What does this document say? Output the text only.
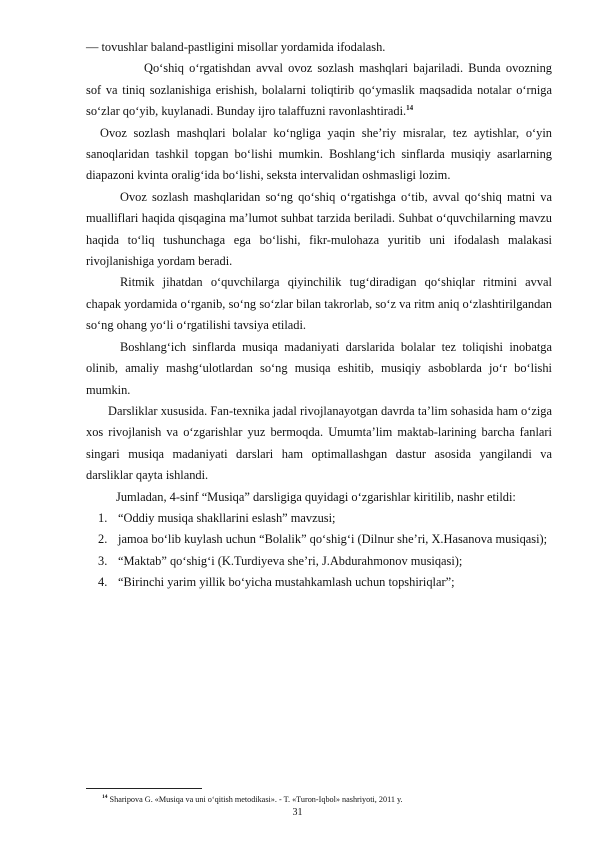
— tovushlar baland-pastligini misollar yordamida ifodalash.

Qo‘shiq o‘rgatishdan avval ovoz sozlash mashqlari bajariladi. Bunda ovozning sof va tiniq sozlanishiga erishish, bolalarni toliqtirib qo‘ymaslik maqsadida notalar o‘rniga so‘zlar qo‘yib, kuylanadi. Bunday ijro talaffuzni ravonlashtiradi.$^{14}$

Ovoz sozlash mashqlari bolalar ko‘ngliga yaqin she’riy misralar, tez aytishlar, o‘yin sanoqlaridan tashkil topgan bo‘lishi mumkin. Boshlang‘ich sinflarda musiqiy asarlarning diapazoni kvinta oralig‘ida bo‘lishi, seksta intervalidan oshmasligi lozim.

Ovoz sozlash mashqlaridan so‘ng qo‘shiq o‘rgatishga o‘tib, avval qo‘shiq matni va mualliflari haqida qisqagina ma’lumot suhbat tarzida beriladi. Suhbat o‘quvchilarning mavzu haqida to‘liq tushunchaga ega bo‘lishi, fikr-mulohaza yuritib uni ifodalash malakasi rivojlanishiga yordam beradi.

Ritmik jihatdan o‘quvchilarga qiyinchilik tug‘diradigan qo‘shiqlar ritmini avval chapak yordamida o‘rganib, so‘ng so‘zlar bilan takrorlab, so‘z va ritm aniq o‘zlashtirilgandan so‘ng ohang yo‘li o‘rgatilishi tavsiya etiladi.

Boshlang‘ich sinflarda musiqa madaniyati darslarida bolalar tez toliqishi inobatga olinib, amaliy mashg‘ulotlardan so‘ng musiqa eshitib, musiqiy asboblarda jo‘r bo‘lishi mumkin.

Darsliklar xususida. Fan-texnika jadal rivojlanayotgan davrda ta’lim sohasida ham o‘ziga xos rivojlanish va o‘zgarishlar yuz bermoqda. Umumta’lim maktab-larining barcha fanlari singari musiqa madaniyati darslari ham optimallashgan dastur asosida yangilandi va darsliklar qayta ishlandi.

Jumladan, 4-sinf “Musiqa” darsligiga quyidagi o‘zgarishlar kiritilib, nashr etildi:

1. “Oddiy musiqa shakllarini eslash” mavzusi;
2. jamoa bo‘lib kuylash uchun “Bolalik” qo‘shig‘i (Dilnur she’ri, X.Hasanova musiqasi);
3. “Maktab” qo‘shig‘i (K.Turdiyeva she’ri, J.Abdurahmonov musiqasi);
4. “Birinchi yarim yillik bo‘yicha mustahkamlash uchun topshiriqlar”;
$^{14}$ Sharipova G. «Musiqa va uni o‘qitish metodikasi». - T. «Turon-Iqbol» nashriyoti, 2011 y.
31
